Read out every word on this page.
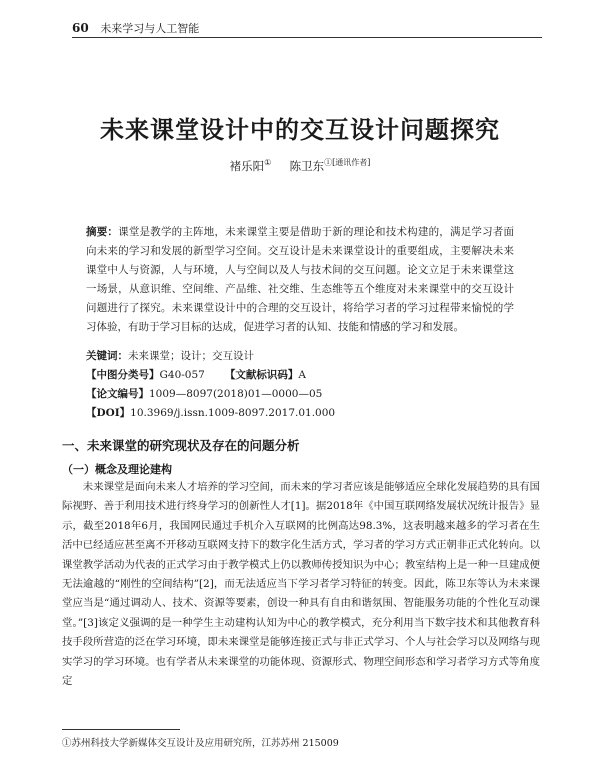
60 未来学习与人工智能
未来课堂设计中的交互设计问题探究
褚乐阳① 陈卫东$^{①[通讯作者]}$
摘要：课堂是教学的主阵地，未来课堂主要是借助于新的理论和技术构建的，满足学习者面向未来的学习和发展的新型学习空间。交互设计是未来课堂设计的重要组成，主要解决未来课堂中人与资源，人与环境，人与空间以及人与技术间的交互问题。论文立足于未来课堂这一场景，从意识维、空间维、产品维、社交维、生态维等五个维度对未来课堂中的交互设计问题进行了探究。未来课堂设计中的合理的交互设计，将给学习者的学习过程带来愉悦的学习体验，有助于学习目标的达成，促进学习者的认知、技能和情感的学习和发展。
关键词：未来课堂；设计；交互设计
【中图分类号】G40-057 【文献标识码】A
【论文编号】1009—8097(2018)01—0000—05
【DOI】10.3969/j.issn.1009-8097.2017.01.000
一、未来课堂的研究现状及存在的问题分析
（一）概念及理论建构

未来课堂是面向未来人才培养的学习空间，而未来的学习者应该是能够适应全球化发展趋势的具有国际视野、善于利用技术进行终身学习的创新性人才[1]。据2018年《中国互联网络发展状况统计报告》显示，截至2018年6月，我国网民通过手机介入互联网的比例高达98.3%，这表明越来越多的学习者在生活中已经适应甚至离不开移动互联网支持下的数字化生活方式，学习者的学习方式正朝非正式化转向。以课堂教学活动为代表的正式学习由于教学模式上仍以教师传授知识为中心；教室结构上是一种一旦建成便无法逾越的“刚性的空间结构”[2]，而无法适应当下学习者学习特征的转变。因此，陈卫东等认为未来课堂应当是“通过调动人、技术、资源等要素，创设一种具有自由和谐氛围、智能服务功能的个性化互动课堂。”[3]该定义强调的是一种学生主动建构认知为中心的教学模式，充分利用当下数字技术和其他教育科技手段所营造的泛在学习环境，即未来课堂是能够连接正式与非正式学习、个人与社会学习以及网络与现实学习的学习环境。也有学者从未来课堂的功能体现、资源形式、物理空间形态和学习者学习方式等角度定

①苏州科技大学新媒体交互设计及应用研究所，江苏苏州 215009
